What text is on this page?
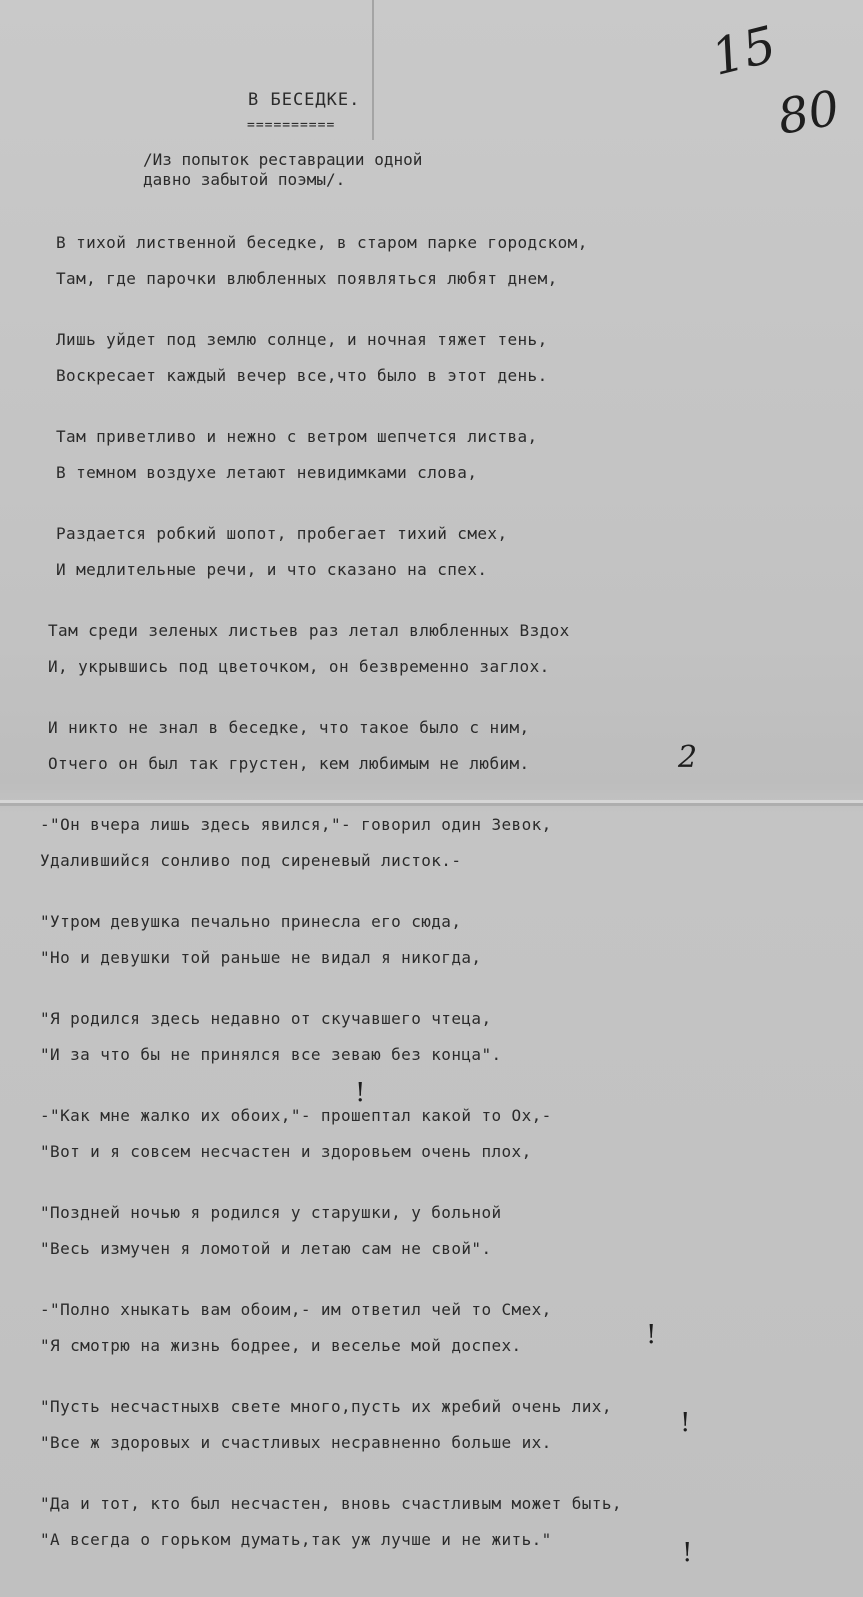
15
80
2
!
!
!
!
В БЕСЕДКЕ.
==========
/Из попыток реставрации одной
давно забытой поэмы/.
В тихой лиственной беседке, в старом парке городском,
Там, где парочки влюбленных появляться любят днем,
Лишь уйдет под землю солнце, и ночная тяжет тень,
Воскресает каждый вечер все,что было в этот день.
Там приветливо и нежно с ветром шепчется листва,
В темном воздухе летают невидимками слова,
Раздается робкий шопот, пробегает тихий смех,
И медлительные речи, и что сказано на спех.
Там среди зеленых листьев раз летал влюбленных Вздох
И, укрывшись под цветочком, он безвременно заглох.
И никто не знал в беседке, что такое было с ним,
Отчего он был так грустен, кем любимым не любим.
-"Он вчера лишь здесь явился,"- говорил один Зевок,
Удалившийся сонливо под сиреневый листок.-
"Утром девушка печально принесла его сюда,
"Но и девушки той раньше не видал я никогда,
"Я родился здесь недавно от скучавшего чтеца,
"И за что бы не принялся все зеваю без конца".
-"Как мне жалко их обоих,"- прошептал какой то Ох,-
"Вот и я совсем несчастен и здоровьем очень плох,
"Поздней ночью я родился у старушки, у больной
"Весь измучен я ломотой и летаю сам не свой".
-"Полно хныкать вам обоим,- им ответил чей то Смех,
"Я смотрю на жизнь бодрее, и веселье мой доспех.
"Пусть несчастныхв свете много,пусть их жребий очень лих,
"Все ж здоровых и счастливых несравненно больше их.
"Да и тот, кто был несчастен, вновь счастливым может быть,
"А всегда о горьком думать,так уж лучше и не жить."
